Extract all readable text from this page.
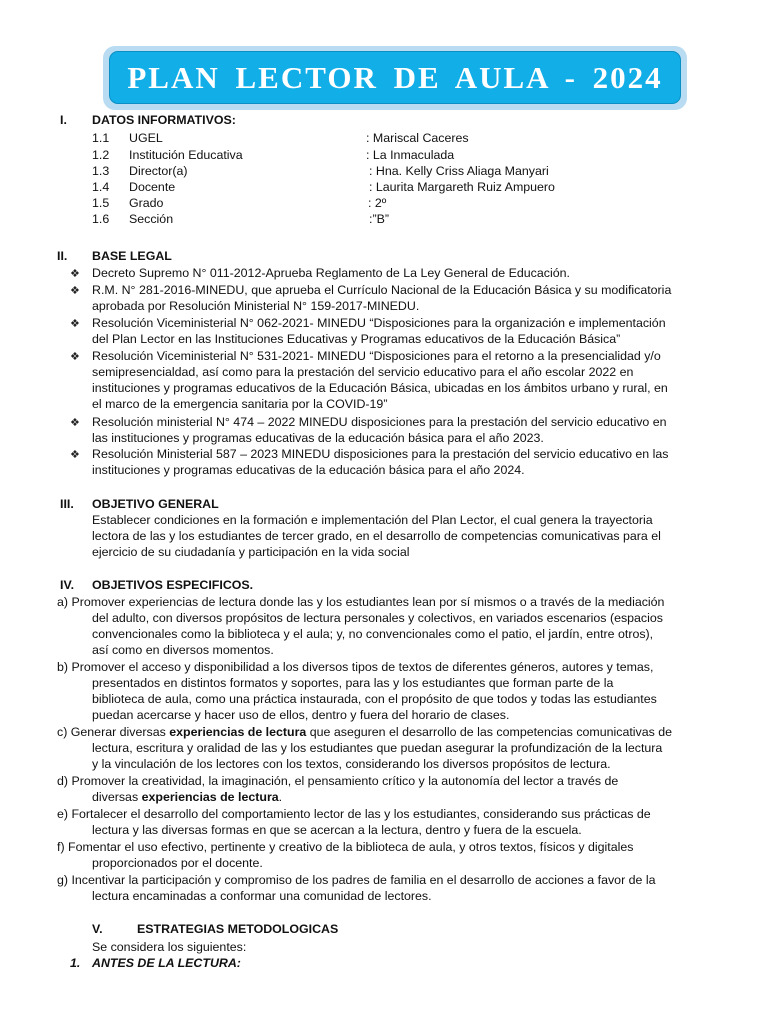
PLAN LECTOR DE AULA - 2024
I. DATOS INFORMATIVOS:
1.1 UGEL	: Mariscal Caceres
1.2 Institución Educativa	: La Inmaculada
1.3 Director(a)	: Hna. Kelly Criss Aliaga Manyari
1.4 Docente	: Laurita Margareth Ruiz Ampuero
1.5 Grado	: 2º
1.6 Sección	:”B”
II. BASE LEGAL
❖ Decreto Supremo N° 011-2012-Aprueba Reglamento de La Ley General de Educación.
❖ R.M. N° 281-2016-MINEDU, que aprueba el Currículo Nacional de la Educación Básica y su modificatoria
aprobada por Resolución Ministerial N° 159-2017-MINEDU.
❖ Resolución Viceministerial N° 062-2021- MINEDU “Disposiciones para la organización e implementación
del Plan Lector en las Instituciones Educativas y Programas educativos de la Educación Básica”
❖ Resolución Viceministerial N° 531-2021- MINEDU “Disposiciones para el retorno a la presencialidad y/o
semipresencialdad, así como para la prestación del servicio educativo para el año escolar 2022 en
instituciones y programas educativos de la Educación Básica, ubicadas en los ámbitos urbano y rural, en
el marco de la emergencia sanitaria por la COVID-19”
❖ Resolución ministerial N° 474 – 2022 MINEDU disposiciones para la prestación del servicio educativo en
las instituciones y programas educativas de la educación básica para el año 2023.
❖ Resolución Ministerial 587 – 2023 MINEDU disposiciones para la prestación del servicio educativo en las
instituciones y programas educativas de la educación básica para el año 2024.
III. OBJETIVO GENERAL
Establecer condiciones en la formación e implementación del Plan Lector, el cual genera la trayectoria
lectora de las y los estudiantes de tercer grado, en el desarrollo de competencias comunicativas para el
ejercicio de su ciudadanía y participación en la vida social
IV. OBJETIVOS ESPECIFICOS.
a) Promover experiencias de lectura donde las y los estudiantes lean por sí mismos o a través de la mediación
del adulto, con diversos propósitos de lectura personales y colectivos, en variados escenarios (espacios
convencionales como la biblioteca y el aula; y, no convencionales como el patio, el jardín, entre otros),
así como en diversos momentos.
b) Promover el acceso y disponibilidad a los diversos tipos de textos de diferentes géneros, autores y temas,
presentados en distintos formatos y soportes, para las y los estudiantes que forman parte de la
biblioteca de aula, como una práctica instaurada, con el propósito de que todos y todas las estudiantes
puedan acercarse y hacer uso de ellos, dentro y fuera del horario de clases.
c) Generar diversas experiencias de lectura que aseguren el desarrollo de las competencias comunicativas de
lectura, escritura y oralidad de las y los estudiantes que puedan asegurar la profundización de la lectura
y la vinculación de los lectores con los textos, considerando los diversos propósitos de lectura.
d) Promover la creatividad, la imaginación, el pensamiento crítico y la autonomía del lector a través de
diversas experiencias de lectura.
e) Fortalecer el desarrollo del comportamiento lector de las y los estudiantes, considerando sus prácticas de
lectura y las diversas formas en que se acercan a la lectura, dentro y fuera de la escuela.
f) Fomentar el uso efectivo, pertinente y creativo de la biblioteca de aula, y otros textos, físicos y digitales
proporcionados por el docente.
g) Incentivar la participación y compromiso de los padres de familia en el desarrollo de acciones a favor de la
lectura encaminadas a conformar una comunidad de lectores.
V.	ESTRATEGIAS METODOLOGICAS
Se considera los siguientes:
1. ANTES DE LA LECTURA:
